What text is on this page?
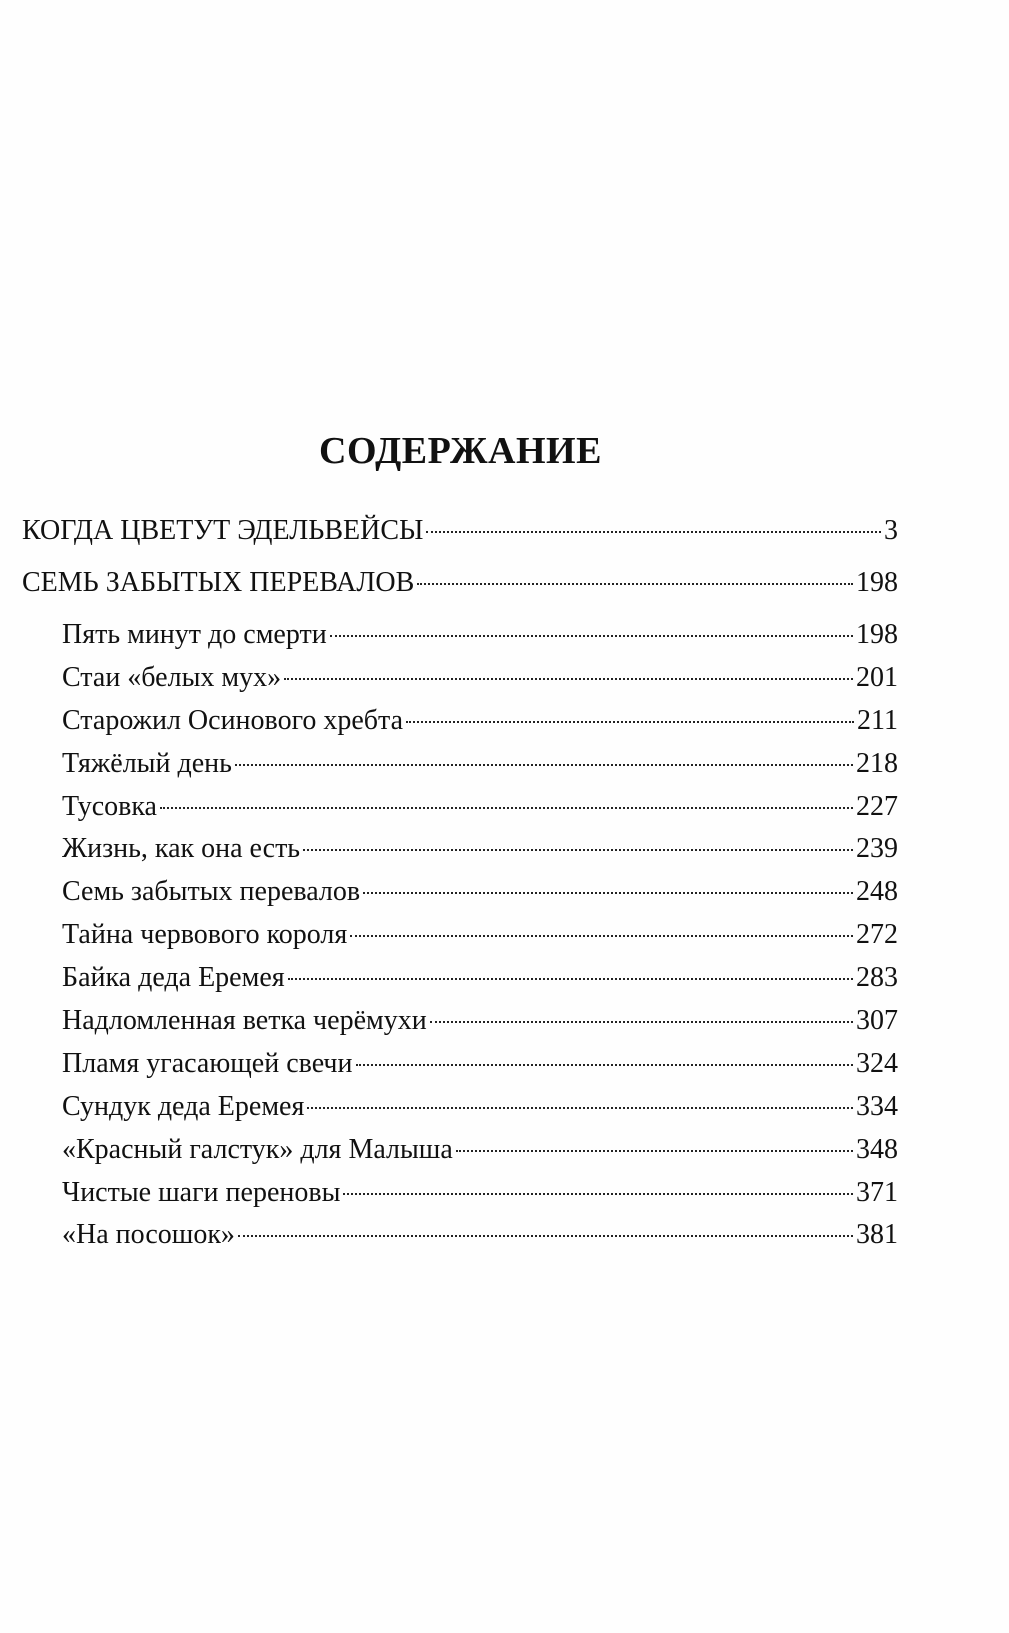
СОДЕРЖАНИЕ
КОГДА ЦВЕТУТ ЭДЕЛЬВЕЙСЫ	3
СЕМЬ ЗАБЫТЫХ ПЕРЕВАЛОВ	198
Пять минут до смерти	198
Стаи «белых мух»	201
Старожил Осинового хребта	211
Тяжёлый день	218
Тусовка	227
Жизнь, как она есть	239
Семь забытых перевалов	248
Тайна червового короля	272
Байка деда Еремея	283
Надломленная ветка черёмухи	307
Пламя угасающей свечи	324
Сундук деда Еремея	334
«Красный галстук» для Малыша	348
Чистые шаги переновы	371
«На посошок»	381
